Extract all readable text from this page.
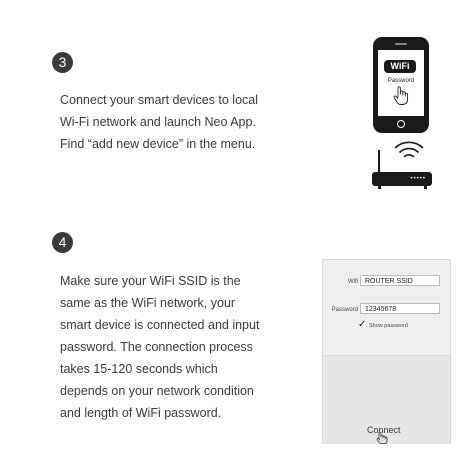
3
Connect your smart devices to local
Wi-Fi network and launch Neo App.
Find “add new device” in the menu.
WiFi
Password
•••••
4
Make sure your WiFi SSID is the
same as the WiFi network, your
smart device is connected and input
password. The connection process
takes 15-120 seconds which
depends on your network condition
and length of WiFi password.
Wifi	ROUTER SSID
Password	12345678
✓ Show password
Connect
